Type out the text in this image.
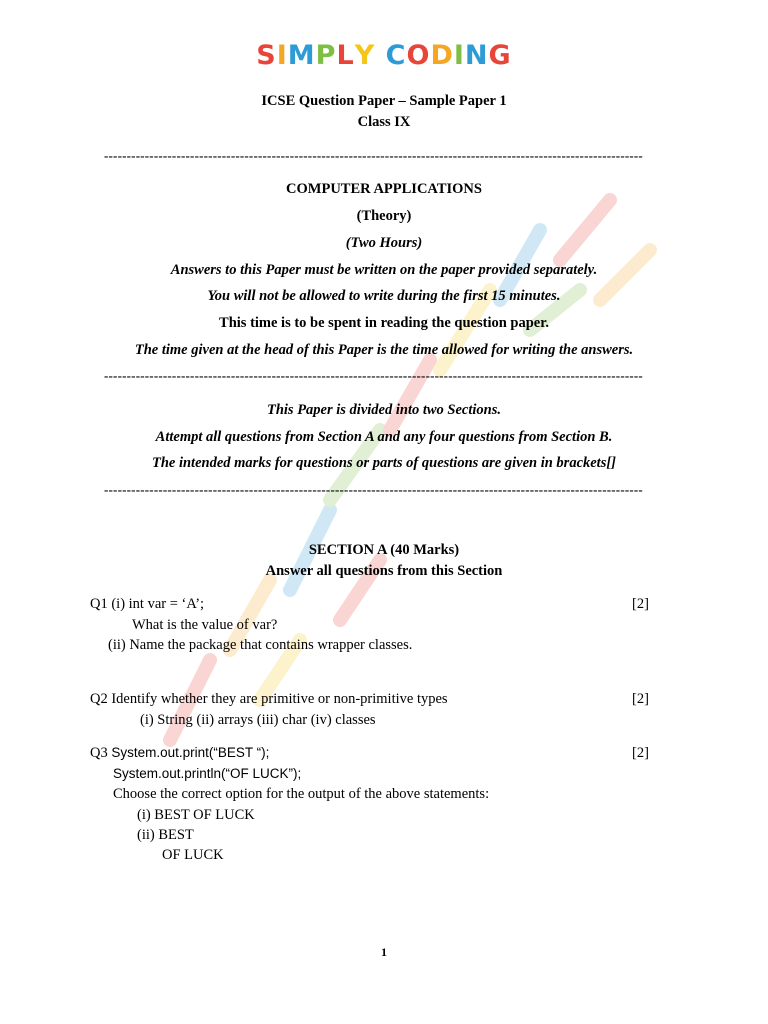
SIMPLY CODING
ICSE Question Paper – Sample Paper 1
Class IX
-----------------------------------------------------------------------------------------------------------------------
COMPUTER APPLICATIONS
(Theory)
(Two Hours)
Answers to this Paper must be written on the paper provided separately.
You will not be allowed to write during the first 15 minutes.
This time is to be spent in reading the question paper.
The time given at the head of this Paper is the time allowed for writing the answers.
-----------------------------------------------------------------------------------------------------------------------
This Paper is divided into two Sections.
Attempt all questions from Section A and any four questions from Section B.
The intended marks for questions or parts of questions are given in brackets[]
-----------------------------------------------------------------------------------------------------------------------
SECTION A (40 Marks)
Answer all questions from this Section
Q1 (i) int var = ‘A’;	[2]
What is the value of var?
(ii) Name the package that contains wrapper classes.
Q2 Identify whether they are primitive or non-primitive types	[2]
(i) String (ii) arrays (iii) char (iv) classes
Q3 System.out.print(“BEST “);	[2]
System.out.println(“OF LUCK”);
Choose the correct option for the output of the above statements:
(i) BEST OF LUCK
(ii) BEST
OF LUCK
1
